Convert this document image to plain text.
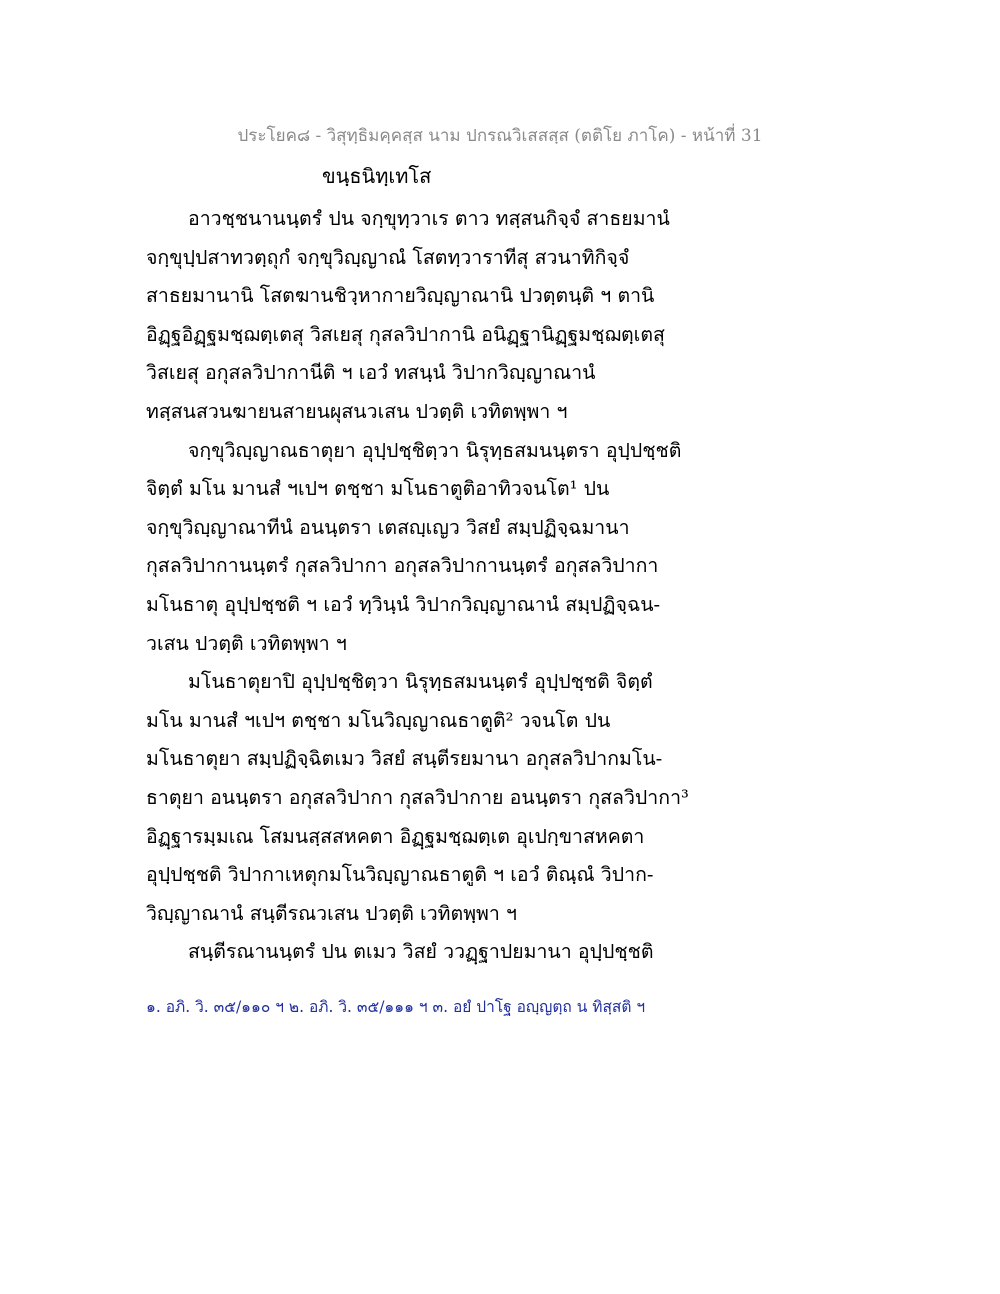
ประโยค๘ - วิสุทฺธิมคฺคสฺส นาม ปกรณวิเสสสฺส (ตติโย ภาโค) - หน้าที่ 31
ขนฺธนิทฺเทโส
อาวชฺชนานนฺตรํ ปน จกฺขุทฺวาเร ตาว ทสฺสนกิจฺจํ สาธยมานํ
จกฺขุปฺปสาทวตฺถุกํ จกฺขุวิญฺญาณํ โสตทฺวาราทีสุ สวนาทิกิจฺจํ
สาธยมานานิ โสตฆานชิวฺหากายวิญฺญาณานิ ปวตฺตนฺติ ฯ ตานิ
อิฏฺฐอิฏฺฐมชฺฌตฺเตสุ วิสเยสุ กุสลวิปากานิ อนิฏฺฐานิฏฺฐมชฺฌตฺเตสุ
วิสเยสุ อกุสลวิปากานีติ ฯ เอวํ ทสนฺนํ วิปากวิญฺญาณานํ
ทสฺสนสวนฆายนสายนผุสนวเสน ปวตฺติ เวทิตพฺพา ฯ
จกฺขุวิญฺญาณธาตุยา อุปฺปชฺชิตฺวา นิรุทฺธสมนนฺตรา อุปฺปชฺชติ
จิตฺตํ มโน มานสํ ฯเปฯ ตชฺชา มโนธาตูติอาทิวจนโต¹ ปน
จกฺขุวิญฺญาณาทีนํ อนนฺตรา เตสญฺเญว วิสยํ สมฺปฏิจฺฉมานา
กุสลวิปากานนฺตรํ กุสลวิปากา อกุสลวิปากานนฺตรํ อกุสลวิปากา
มโนธาตุ อุปฺปชฺชติ ฯ เอวํ ทฺวินฺนํ วิปากวิญฺญาณานํ สมฺปฏิจฺฉน-
วเสน ปวตฺติ เวทิตพฺพา ฯ
มโนธาตุยาปิ อุปฺปชฺชิตฺวา นิรุทฺธสมนนฺตรํ อุปฺปชฺชติ จิตฺตํ
มโน มานสํ ฯเปฯ ตชฺชา มโนวิญฺญาณธาตูติ² วจนโต ปน
มโนธาตุยา สมฺปฏิจฺฉิตเมว วิสยํ สนฺตีรยมานา อกุสลวิปากมโน-
ธาตุยา อนนฺตรา อกุสลวิปากา กุสลวิปากาย อนนฺตรา กุสลวิปากา³
อิฏฺฐารมฺมเณ โสมนสฺสสหคตา อิฏฺฐมชฺฌตฺเต อุเปกฺขาสหคตา
อุปฺปชฺชติ วิปากาเหตุกมโนวิญฺญาณธาตูติ ฯ เอวํ ติณฺณํ วิปาก-
วิญฺญาณานํ สนฺตีรณวเสน ปวตฺติ เวทิตพฺพา ฯ
สนฺตีรณานนฺตรํ ปน ตเมว วิสยํ ววฏฺฐาปยมานา อุปฺปชฺชติ
๑. อภิ. วิ. ๓๕/๑๑๐ ฯ ๒. อภิ. วิ. ๓๕/๑๑๑ ฯ ๓. อยํ ปาโฐ อญฺญตฺถ น ทิสฺสติ ฯ
